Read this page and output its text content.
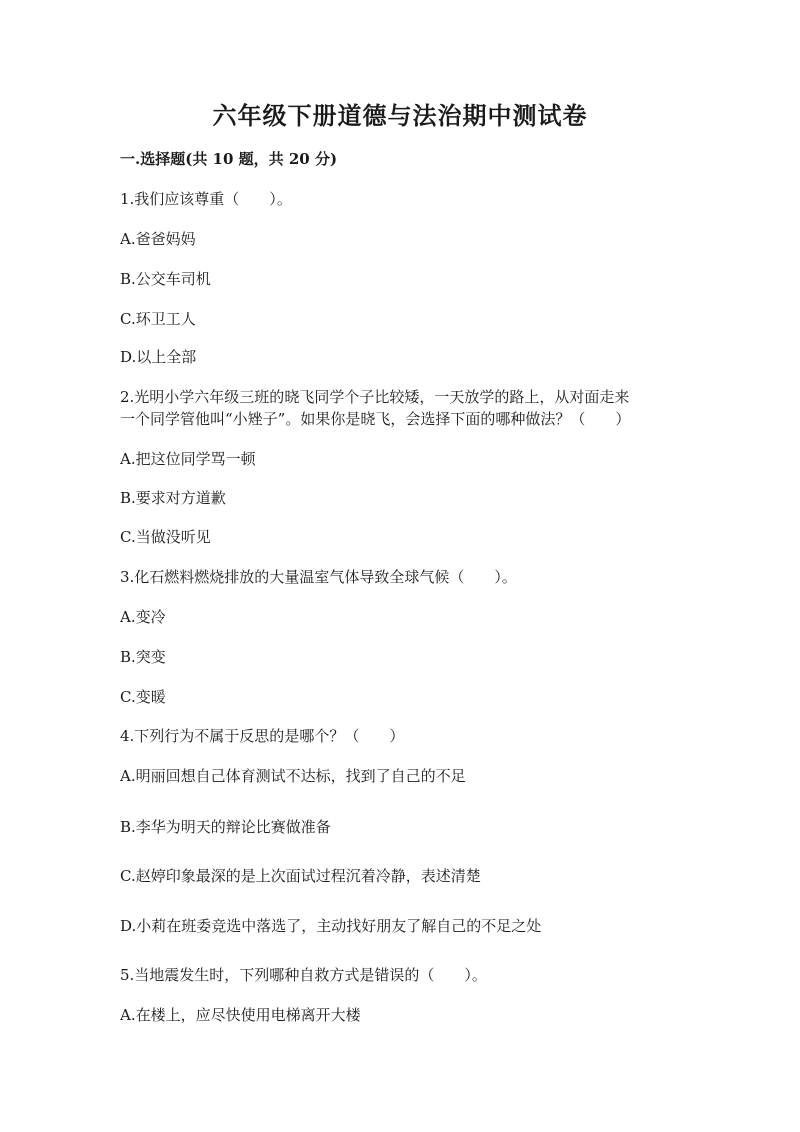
六年级下册道德与法治期中测试卷
一.选择题(共 10 题，共 20 分)
1.我们应该尊重（　　）。
A.爸爸妈妈
B.公交车司机
C.环卫工人
D.以上全部
2.光明小学六年级三班的晓飞同学个子比较矮，一天放学的路上，从对面走来
一个同学管他叫“小矬子”。如果你是晓飞，会选择下面的哪种做法？（　　）
A.把这位同学骂一顿
B.要求对方道歉
C.当做没听见
3.化石燃料燃烧排放的大量温室气体导致全球气候（　　）。
A.变冷
B.突变
C.变暖
4.下列行为不属于反思的是哪个？（　　）
A.明丽回想自己体育测试不达标，找到了自己的不足
B.李华为明天的辩论比赛做准备
C.赵婷印象最深的是上次面试过程沉着冷静，表述清楚
D.小莉在班委竞选中落选了，主动找好朋友了解自己的不足之处
5.当地震发生时，下列哪种自救方式是错误的（　　）。
A.在楼上，应尽快使用电梯离开大楼
